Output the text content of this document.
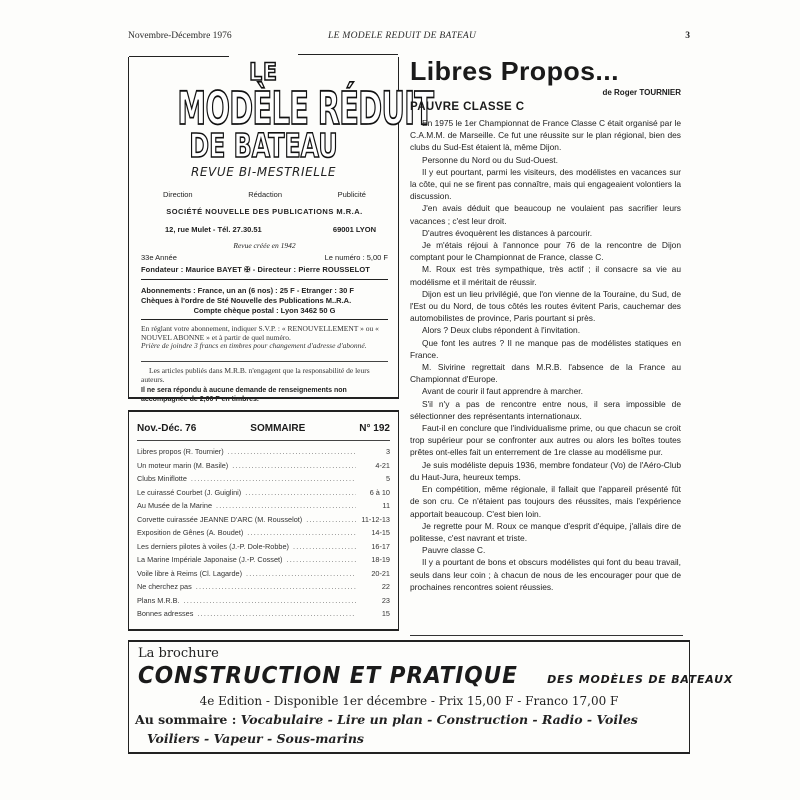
Novembre-Décembre 1976	LE MODELE REDUIT DE BATEAU	3
LE
MODÈLE RÉDUIT
DE BATEAU
REVUE BI-MESTRIELLE
Direction	Rédaction	Publicité
SOCIÉTÉ NOUVELLE DES PUBLICATIONS M.R.A.
12, rue Mulet - Tél. 27.30.51	69001 LYON
Revue créée en 1942
33e Année	Le numéro : 5,00 F
Fondateur : Maurice BAYET ✠ - Directeur : Pierre ROUSSELOT
Abonnements : France, un an (6 nos) : 25 F - Etranger : 30 F
Chèques à l'ordre de Sté Nouvelle des Publications M..R.A.
Compte chèque postal : Lyon 3462 50 G
En réglant votre abonnement, indiquer S.V.P. : « RENOUVELLEMENT » ou « NOUVEL ABONNE » et à partir de quel numéro.
Prière de joindre 3 francs en timbres pour changement d'adresse d'abonné.
Les articles publiés dans M.R.B. n'engagent que la responsabilité de leurs auteurs.
Il ne sera répondu à aucune demande de renseignements non accompagnée de 2,00 F en timbres.
Nov.-Déc. 76	SOMMAIRE	N° 192
Libres propos (R. Tournier) .....	3
Un moteur marin (M. Basile) .....	4-21
Clubs Miniflotte .....	5
Le cuirassé Courbet (J. Guiglini) .....	6 à 10
Au Musée de la Marine .....	11
Corvette cuirassée JEANNE D'ARC (M. Rousselot) .....	11-12-13
Exposition de Gênes (A. Boudet) .....	14-15
Les derniers pilotes à voiles (J.-P. Dole-Robbe) .....	16-17
La Marine Impériale Japonaise (J.-P. Cosset) .....	18-19
Voile libre à Reims (Cl. Lagarde) .....	20-21
Ne cherchez pas .....	22
Plans M.R.B. .....	23
Bonnes adresses .....	15
Libres Propos...
de Roger TOURNIER
PAUVRE CLASSE C

En 1975 le 1er Championnat de France Classe C était organisé par le C.A.M.M. de Marseille. Ce fut une réussite sur le plan régional, bien des clubs du Sud-Est étaient là, même Dijon.

Personne du Nord ou du Sud-Ouest.

Il y eut pourtant, parmi les visiteurs, des modélistes en vacances sur la côte, qui ne se firent pas connaître, mais qui engageaient volontiers la discussion.

J'en avais déduit que beaucoup ne voulaient pas sacrifier leurs vacances ; c'est leur droit.

D'autres évoquèrent les distances à parcourir.

Je m'étais réjoui à l'annonce pour 76 de la rencontre de Dijon comptant pour le Championnat de France, classe C.

M. Roux est très sympathique, très actif ; il consacre sa vie au modélisme et il méritait de réussir.

Dijon est un lieu privilégié, que l'on vienne de la Touraine, du Sud, de l'Est ou du Nord, de tous côtés les routes évitent Paris, cauchemar des automobilistes de province, Paris pourtant si près.

Alors ? Deux clubs répondent à l'invitation.

Que font les autres ? Il ne manque pas de modélistes statiques en France.

M. Sivirine regrettait dans M.R.B. l'absence de la France au Championnat d'Europe.

Avant de courir il faut apprendre à marcher.

S'il n'y a pas de rencontre entre nous, il sera impossible de sélectionner des représentants internationaux.

Faut-il en conclure que l'individualisme prime, ou que chacun se croit trop supérieur pour se confronter aux autres ou alors les boîtes toutes prêtes ont-elles fait un enterrement de 1re classe au modélisme pur.

Je suis modéliste depuis 1936, membre fondateur (Vo) de l'Aéro-Club du Haut-Jura, heureux temps.

En compétition, même régionale, il fallait que l'appareil présenté fût de son cru. Ce n'étaient pas toujours des réussites, mais l'expérience apportait beaucoup. C'est bien loin.

Je regrette pour M. Roux ce manque d'esprit d'équipe, j'allais dire de politesse, c'est navrant et triste.

Pauvre classe C.

Il y a pourtant de bons et obscurs modélistes qui font du beau travail, seuls dans leur coin ; à chacun de nous de les encourager pour que de prochaines rencontres soient réussies.

La brochure
CONSTRUCTION ET PRATIQUE	DES MODÈLES DE BATEAUX
4e Edition - Disponible 1er décembre - Prix 15,00 F - Franco 17,00 F
Au sommaire : Vocabulaire - Lire un plan - Construction - Radio - Voiles
Voiliers - Vapeur - Sous-marins
